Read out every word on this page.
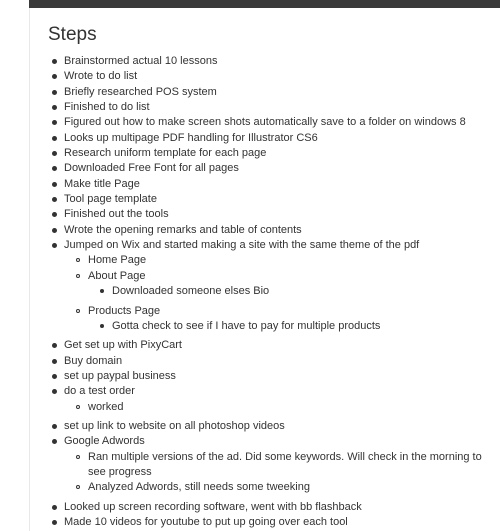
Steps
Brainstormed actual 10 lessons
Wrote to do list
Briefly researched POS system
Finished to do list
Figured out how to make screen shots automatically save to a folder on windows 8
Looks up multipage PDF handling for Illustrator CS6
Research uniform template for each page
Downloaded Free Font for all pages
Make title Page
Tool page template
Finished out the tools
Wrote the opening remarks and table of contents
Jumped on Wix and started making a site with the same theme of the pdf
Home Page
About Page
Downloaded someone elses Bio
Products Page
Gotta check to see if I have to pay for multiple products
Get set up with PixyCart
Buy domain
set up paypal business
do a test order
worked
set up link to website on all photoshop videos
Google Adwords
Ran multiple versions of the ad. Did some keywords. Will check in the morning to see progress
Analyzed Adwords, still needs some tweeking
Looked up screen recording software, went with bb flashback
Made 10 videos for youtube to put up going over each tool
